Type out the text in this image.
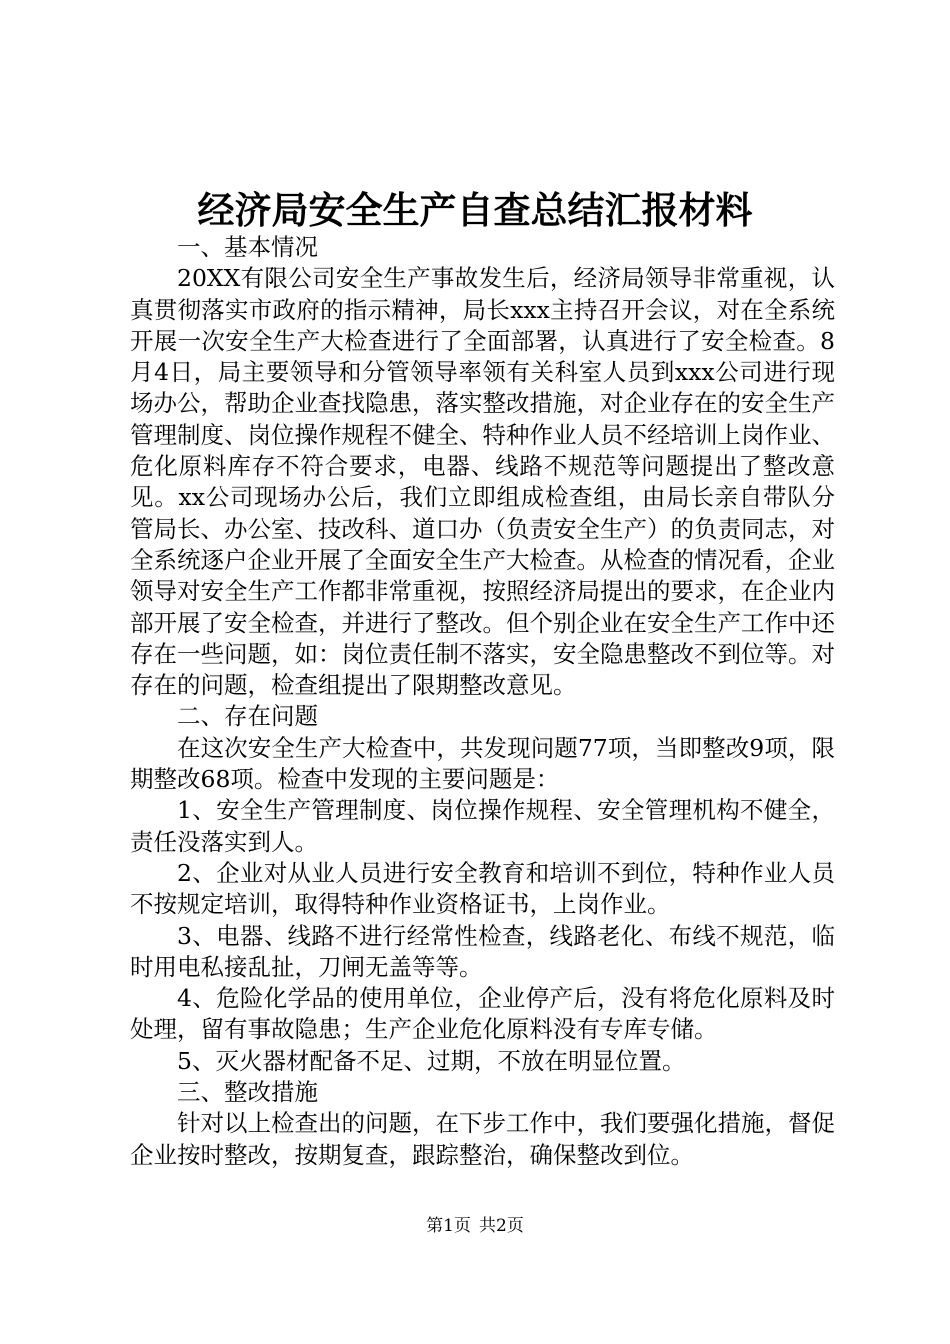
经济局安全生产自查总结汇报材料

一、基本情况

20XX有限公司安全生产事故发生后，经济局领导非常重视，认真贯彻落实市政府的指示精神，局长xxx主持召开会议，对在全系统开展一次安全生产大检查进行了全面部署，认真进行了安全检查。8月4日，局主要领导和分管领导率领有关科室人员到xxx公司进行现场办公，帮助企业查找隐患，落实整改措施，对企业存在的安全生产管理制度、岗位操作规程不健全、特种作业人员不经培训上岗作业、危化原料库存不符合要求，电器、线路不规范等问题提出了整改意见。xx公司现场办公后，我们立即组成检查组，由局长亲自带队分管局长、办公室、技改科、道口办（负责安全生产）的负责同志，对全系统逐户企业开展了全面安全生产大检查。从检查的情况看，企业领导对安全生产工作都非常重视，按照经济局提出的要求，在企业内部开展了安全检查，并进行了整改。但个别企业在安全生产工作中还存在一些问题，如：岗位责任制不落实，安全隐患整改不到位等。对存在的问题，检查组提出了限期整改意见。

二、存在问题

在这次安全生产大检查中，共发现问题77项，当即整改9项，限期整改68项。检查中发现的主要问题是：

1、安全生产管理制度、岗位操作规程、安全管理机构不健全，责任没落实到人。

2、企业对从业人员进行安全教育和培训不到位，特种作业人员不按规定培训，取得特种作业资格证书，上岗作业。

3、电器、线路不进行经常性检查，线路老化、布线不规范，临时用电私接乱扯，刀闸无盖等等。

4、危险化学品的使用单位，企业停产后，没有将危化原料及时处理，留有事故隐患；生产企业危化原料没有专库专储。

5、灭火器材配备不足、过期，不放在明显位置。

三、整改措施

针对以上检查出的问题，在下步工作中，我们要强化措施，督促企业按时整改，按期复查，跟踪整治，确保整改到位。

第1页 共2页
